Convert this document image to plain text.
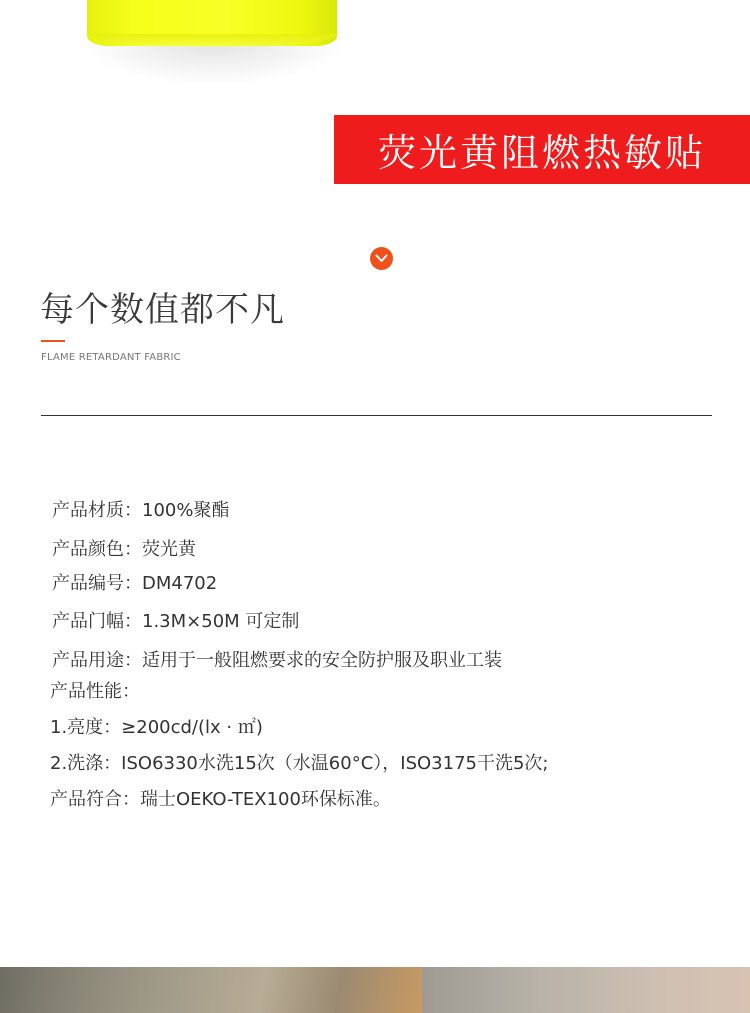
荧光黄阻燃热敏贴
每个数值都不凡
FLAME RETARDANT FABRIC
产品材质：100%聚酯
产品颜色：荧光黄
产品编号：DM4702
产品门幅：1.3M×50M 可定制
产品用途：适用于一般阻燃要求的安全防护服及职业工装
产品性能：
1.亮度：≥200cd/(lx · ㎡)
2.洗涤：ISO6330水洗15次（水温60°C），ISO3175干洗5次;
产品符合：瑞士OEKO-TEX100环保标准。
